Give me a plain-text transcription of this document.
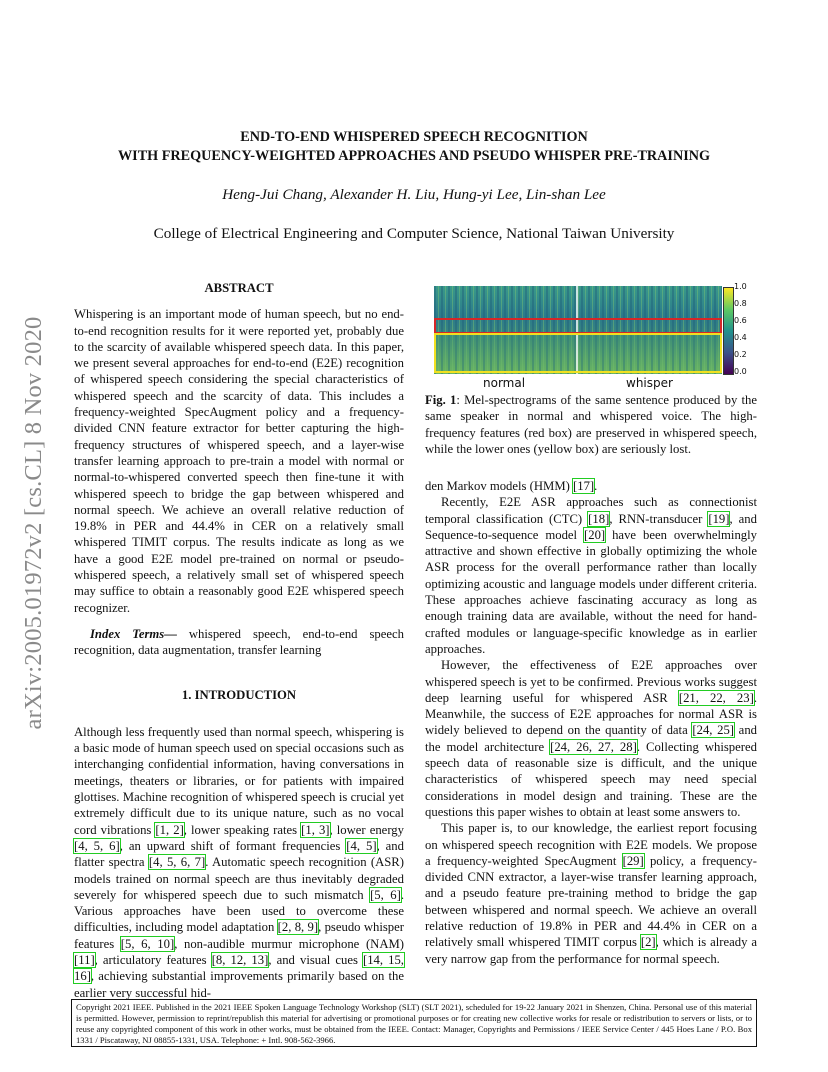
arXiv:2005.01972v2 [cs.CL] 8 Nov 2020
END-TO-END WHISPERED SPEECH RECOGNITION
WITH FREQUENCY-WEIGHTED APPROACHES AND PSEUDO WHISPER PRE-TRAINING
Heng-Jui Chang, Alexander H. Liu, Hung-yi Lee, Lin-shan Lee
College of Electrical Engineering and Computer Science, National Taiwan University
ABSTRACT

Whispering is an important mode of human speech, but no end-to-end recognition results for it were reported yet, probably due to the scarcity of available whispered speech data. In this paper, we present several approaches for end-to-end (E2E) recognition of whispered speech considering the special characteristics of whispered speech and the scarcity of data. This includes a frequency-weighted SpecAugment policy and a frequency-divided CNN feature extractor for better capturing the high-frequency structures of whispered speech, and a layer-wise transfer learning approach to pre-train a model with normal or normal-to-whispered converted speech then fine-tune it with whispered speech to bridge the gap between whispered and normal speech. We achieve an overall relative reduction of 19.8% in PER and 44.4% in CER on a relatively small whispered TIMIT corpus. The results indicate as long as we have a good E2E model pre-trained on normal or pseudo-whispered speech, a relatively small set of whispered speech may suffice to obtain a reasonably good E2E whispered speech recognizer.

Index Terms— whispered speech, end-to-end speech recognition, data augmentation, transfer learning

1. INTRODUCTION

Although less frequently used than normal speech, whispering is a basic mode of human speech used on special occasions such as interchanging confidential information, having conversations in meetings, theaters or libraries, or for patients with impaired glottises. Machine recognition of whispered speech is crucial yet extremely difficult due to its unique nature, such as no vocal cord vibrations [1, 2], lower speaking rates [1, 3], lower energy [4, 5, 6], an upward shift of formant frequencies [4, 5], and flatter spectra [4, 5, 6, 7]. Automatic speech recognition (ASR) models trained on normal speech are thus inevitably degraded severely for whispered speech due to such mismatch [5, 6]. Various approaches have been used to overcome these difficulties, including model adaptation [2, 8, 9], pseudo whisper features [5, 6, 10], non-audible murmur microphone (NAM) [11], articulatory features [8, 12, 13], and visual cues [14, 15, 16], achieving substantial improvements primarily based on the earlier very successful hid-

1.0
0.8
0.6
0.4
0.2
0.0
normal	whisper
Fig. 1: Mel-spectrograms of the same sentence produced by the same speaker in normal and whispered voice. The high-frequency features (red box) are preserved in whispered speech, while the lower ones (yellow box) are seriously lost.

den Markov models (HMM) [17].

Recently, E2E ASR approaches such as connectionist temporal classification (CTC) [18], RNN-transducer [19], and Sequence-to-sequence model [20] have been overwhelmingly attractive and shown effective in globally optimizing the whole ASR process for the overall performance rather than locally optimizing acoustic and language models under different criteria. These approaches achieve fascinating accuracy as long as enough training data are available, without the need for hand-crafted modules or language-specific knowledge as in earlier approaches.

However, the effectiveness of E2E approaches over whispered speech is yet to be confirmed. Previous works suggest deep learning useful for whispered ASR [21, 22, 23]. Meanwhile, the success of E2E approaches for normal ASR is widely believed to depend on the quantity of data [24, 25] and the model architecture [24, 26, 27, 28]. Collecting whispered speech data of reasonable size is difficult, and the unique characteristics of whispered speech may need special considerations in model design and training. These are the questions this paper wishes to obtain at least some answers to.

This paper is, to our knowledge, the earliest report focusing on whispered speech recognition with E2E models. We propose a frequency-weighted SpecAugment [29] policy, a frequency-divided CNN extractor, a layer-wise transfer learning approach, and a pseudo feature pre-training method to bridge the gap between whispered and normal speech. We achieve an overall relative reduction of 19.8% in PER and 44.4% in CER on a relatively small whispered TIMIT corpus [2], which is already a very narrow gap from the performance for normal speech.

Copyright 2021 IEEE. Published in the 2021 IEEE Spoken Language Technology Workshop (SLT) (SLT 2021), scheduled for 19-22 January 2021 in Shenzen, China. Personal use of this material is permitted. However, permission to reprint/republish this material for advertising or promotional purposes or for creating new collective works for resale or redistribution to servers or lists, or to reuse any copyrighted component of this work in other works, must be obtained from the IEEE. Contact: Manager, Copyrights and Permissions / IEEE Service Center / 445 Hoes Lane / P.O. Box 1331 / Piscataway, NJ 08855-1331, USA. Telephone: + Intl. 908-562-3966.
